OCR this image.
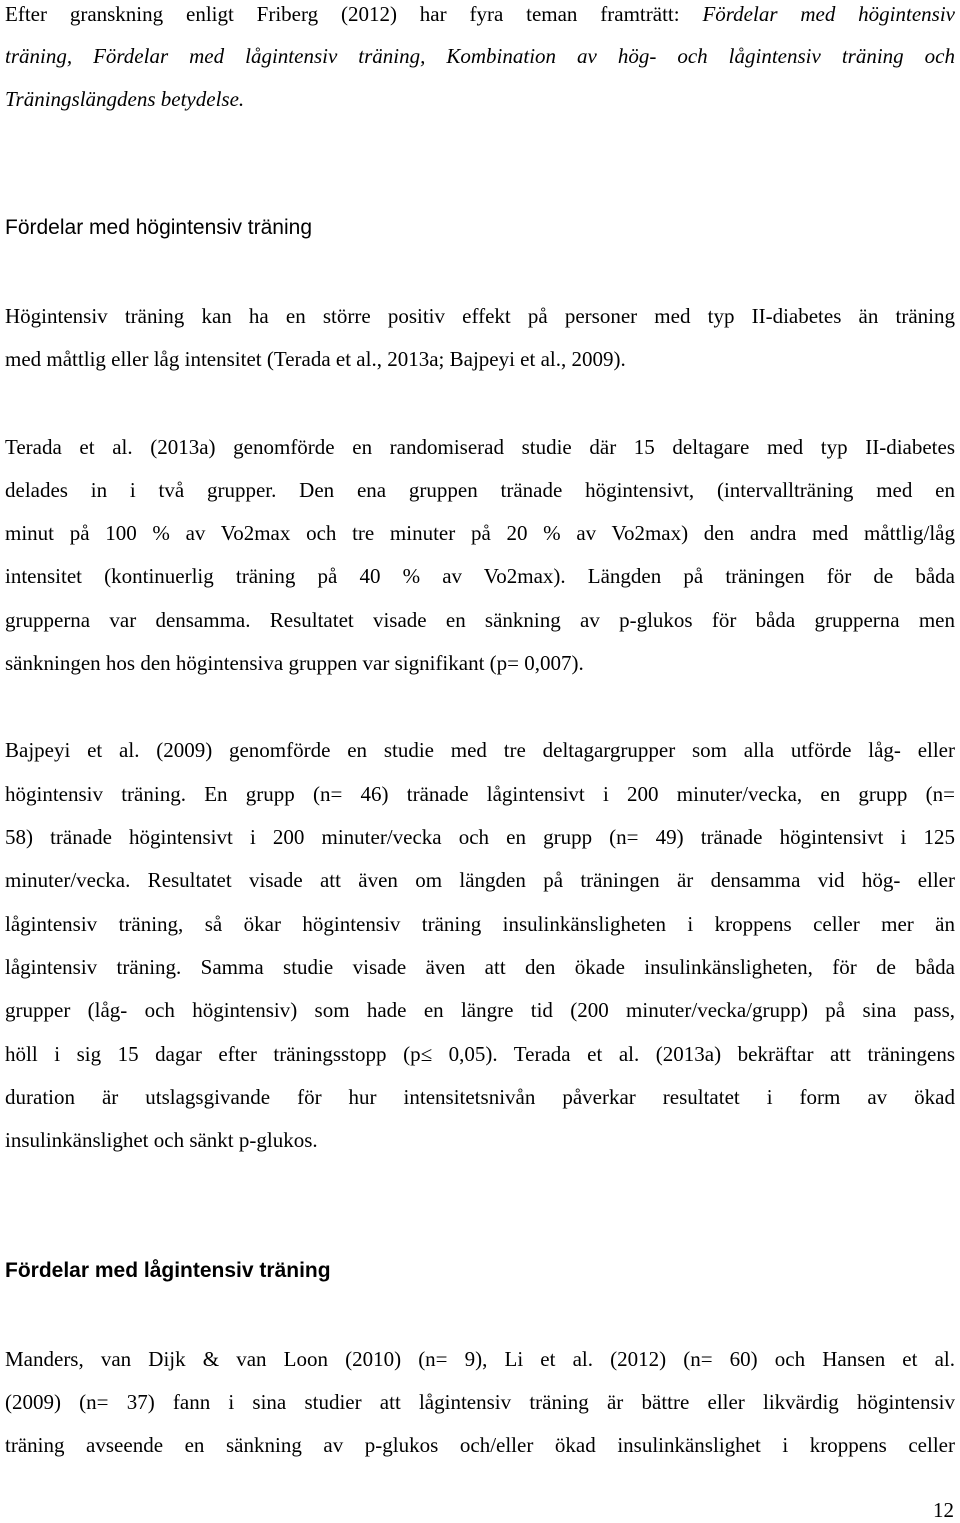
Efter granskning enligt Friberg (2012) har fyra teman framträtt: Fördelar med högintensiv
träning, Fördelar med lågintensiv träning, Kombination av hög- och lågintensiv träning och
Träningslängdens betydelse.
Fördelar med högintensiv träning
Högintensiv träning kan ha en större positiv effekt på personer med typ II-diabetes än träning
med måttlig eller låg intensitet (Terada et al., 2013a; Bajpeyi et al., 2009).
Terada et al. (2013a) genomförde en randomiserad studie där 15 deltagare med typ II-diabetes
delades in i två grupper. Den ena gruppen tränade högintensivt, (intervallträning med en
minut på 100 % av Vo2max och tre minuter på 20 % av Vo2max) den andra med måttlig/låg
intensitet (kontinuerlig träning på 40 % av Vo2max). Längden på träningen för de båda
grupperna var densamma. Resultatet visade en sänkning av p-glukos för båda grupperna men
sänkningen hos den högintensiva gruppen var signifikant (p= 0,007).
Bajpeyi et al. (2009) genomförde en studie med tre deltagargrupper som alla utförde låg- eller
högintensiv träning. En grupp (n= 46) tränade lågintensivt i 200 minuter/vecka, en grupp (n=
58) tränade högintensivt i 200 minuter/vecka och en grupp (n= 49) tränade högintensivt i 125
minuter/vecka. Resultatet visade att även om längden på träningen är densamma vid hög- eller
lågintensiv träning, så ökar högintensiv träning insulinkänsligheten i kroppens celler mer än
lågintensiv träning. Samma studie visade även att den ökade insulinkänsligheten, för de båda
grupper (låg- och högintensiv) som hade en längre tid (200 minuter/vecka/grupp) på sina pass,
höll i sig 15 dagar efter träningsstopp (p≤ 0,05). Terada et al. (2013a) bekräftar att träningens
duration är utslagsgivande för hur intensitetsnivån påverkar resultatet i form av ökad
insulinkänslighet och sänkt p-glukos.
Fördelar med lågintensiv träning
Manders, van Dijk & van Loon (2010) (n= 9), Li et al. (2012) (n= 60) och Hansen et al.
(2009) (n= 37) fann i sina studier att lågintensiv träning är bättre eller likvärdig högintensiv
träning avseende en sänkning av p-glukos och/eller ökad insulinkänslighet i kroppens celler
12
